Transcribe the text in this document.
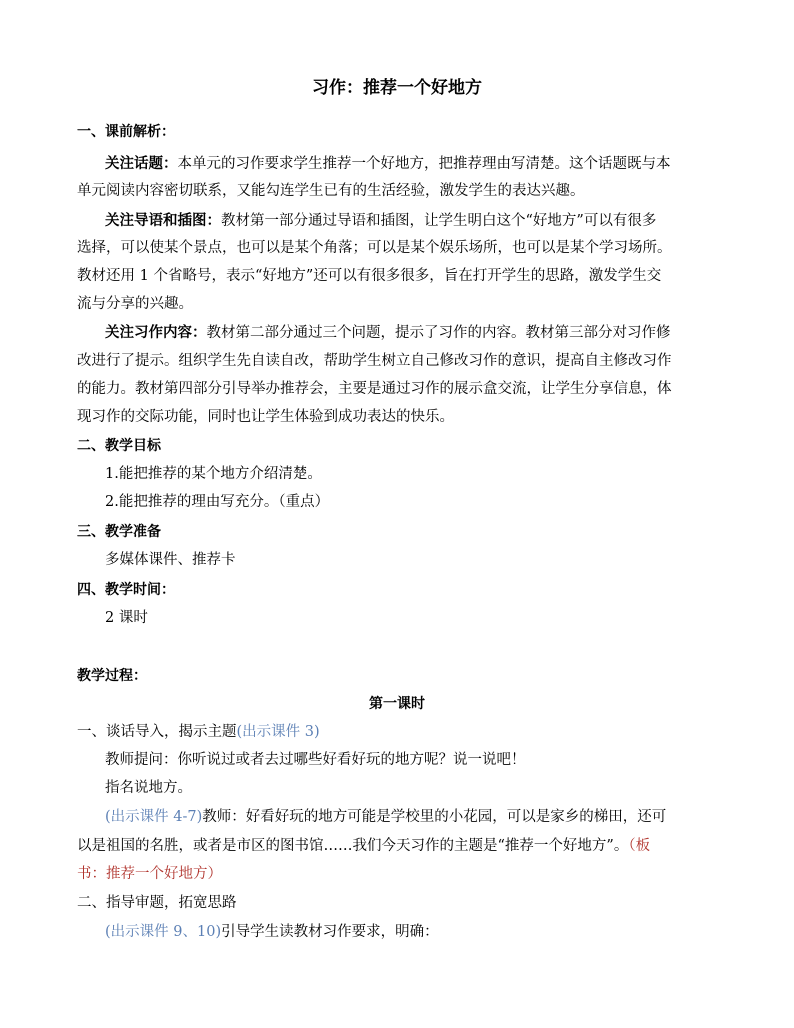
习作：推荐一个好地方
一、课前解析：
关注话题：本单元的习作要求学生推荐一个好地方，把推荐理由写清楚。这个话题既与本
单元阅读内容密切联系，又能勾连学生已有的生活经验，激发学生的表达兴趣。
关注导语和插图：教材第一部分通过导语和插图，让学生明白这个“好地方”可以有很多
选择，可以使某个景点，也可以是某个角落；可以是某个娱乐场所，也可以是某个学习场所。
教材还用 1 个省略号，表示“好地方”还可以有很多很多，旨在打开学生的思路，激发学生交
流与分享的兴趣。
关注习作内容：教材第二部分通过三个问题，提示了习作的内容。教材第三部分对习作修
改进行了提示。组织学生先自读自改，帮助学生树立自己修改习作的意识，提高自主修改习作
的能力。教材第四部分引导举办推荐会，主要是通过习作的展示盒交流，让学生分享信息，体
现习作的交际功能，同时也让学生体验到成功表达的快乐。
二、教学目标
1.能把推荐的某个地方介绍清楚。
2.能把推荐的理由写充分。（重点）
三、教学准备
多媒体课件、推荐卡
四、教学时间：
2 课时
教学过程：
第一课时
一、谈话导入，揭示主题(出示课件 3)
教师提问：你听说过或者去过哪些好看好玩的地方呢？说一说吧！
指名说地方。
(出示课件 4-7)教师：好看好玩的地方可能是学校里的小花园，可以是家乡的梯田，还可
以是祖国的名胜，或者是市区的图书馆……我们今天习作的主题是“推荐一个好地方”。（板
书：推荐一个好地方）
二、指导审题，拓宽思路
(出示课件 9、10)引导学生读教材习作要求，明确：
